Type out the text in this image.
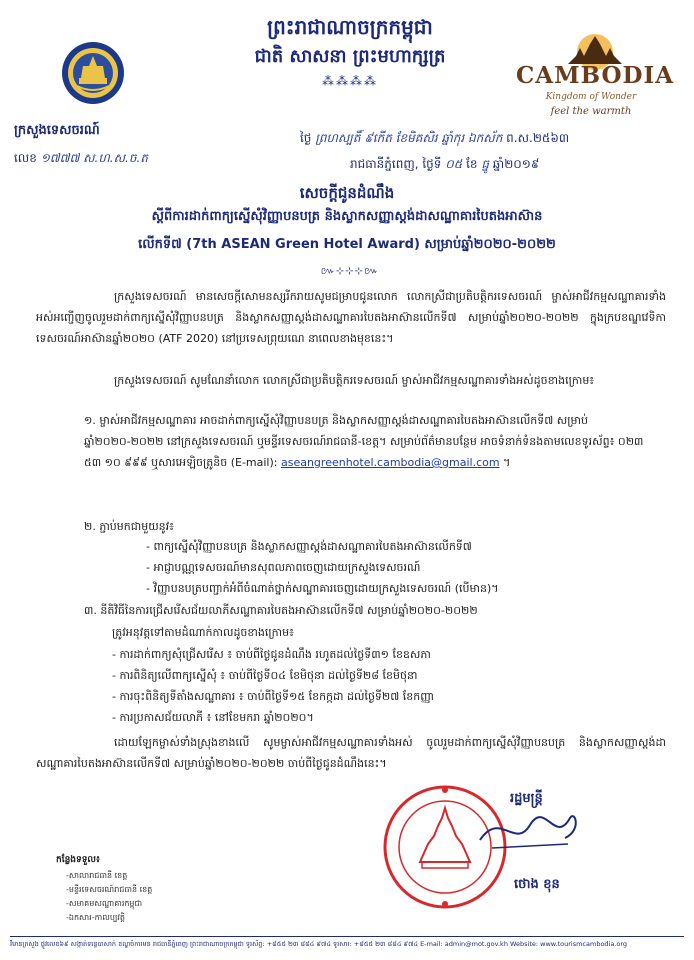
ព្រះរាជាណាចក្រកម្ពុជា
ជាតិ សាសនា ព្រះមហាក្សត្រ
⁂⁂⁂⁂
ក្រសួងទេសចរណ៍
លេខ ១៧៧៧ ស.ហ.ស.ច.ត
CAMBODIA
Kingdom of Wonder
feel the warmth
ថ្ងៃ ព្រហស្បតិ៍ ៩កើត ខែមិគសិរ ឆ្នាំកុរ ឯកស័ក ព.ស.២៥៦៣
រាជធានីភ្នំពេញ, ថ្ងៃទី ០៥ ខែ ធ្នូ ឆ្នាំ២០១៩
សេចក្តីជូនដំណឹង
ស្តីពីការដាក់ពាក្យស្នើសុំវិញ្ញាបនបត្រ និងស្លាកសញ្ញាស្តង់ដាសណ្ឋាគារបៃតងអាស៊ាន
លើកទី៧ (7th ASEAN Green Hotel Award) សម្រាប់ឆ្នាំ២០២០-២០២២
៚⊹⊹⊹៚
ក្រសួងទេសចរណ៍ មានសេចក្តីសោមនស្សរីករាយសូមជម្រាបជូនលោក លោកស្រីជាប្រតិបត្តិករទេសចរណ៍ ម្ចាស់អាជីវកម្មសណ្ឋាគារទាំងអស់អញ្ជើញចូលរួមដាក់ពាក្យស្នើសុំវិញ្ញាបនបត្រ និងស្លាកសញ្ញាស្តង់ដាសណ្ឋាគារបៃតងអាស៊ានលើកទី៧ សម្រាប់ឆ្នាំ២០២០-២០២២ ក្នុងក្របខណ្ឌវេទិកាទេសចរណ៍អាស៊ានឆ្នាំ២០២០ (ATF 2020) នៅប្រទេសព្រុយណេ នាពេលខាងមុខនេះ។
ក្រសួងទេសចរណ៍ សូមណែនាំលោក លោកស្រីជាប្រតិបត្តិករទេសចរណ៍ ម្ចាស់អាជីវកម្មសណ្ឋាគារទាំងអស់ដូចខាងក្រោម៖
១. ម្ចាស់អាជីវកម្មសណ្ឋាគារ អាចដាក់ពាក្យស្នើសុំវិញ្ញាបនបត្រ និងស្លាកសញ្ញាស្តង់ដាសណ្ឋាគារបៃតងអាស៊ានលើកទី៧ សម្រាប់ឆ្នាំ២០២០-២០២២ នៅក្រសួងទេសចរណ៍ ឬមន្ទីរទេសចរណ៍រាជធានី-ខេត្ត។ សម្រាប់ព័ត៌មានបន្ថែម អាចទំនាក់ទំនងតាមលេខទូរស័ព្ទ៖ ០២៣ ៥៣ ១០ ៩៩៩ ឬសារអេឡិចត្រូនិច (E-mail): aseangreenhotel.cambodia@gmail.com ។
២. ភ្ជាប់មកជាមួយនូវ៖
- ពាក្យស្នើសុំវិញ្ញាបនបត្រ និងស្លាកសញ្ញាស្តង់ដាសណ្ឋាគារបៃតងអាស៊ានលើកទី៧
- អាជ្ញាបណ្ណទេសចរណ៍មានសុពលភាពចេញដោយក្រសួងទេសចរណ៍
- វិញ្ញាបនបត្របញ្ជាក់អំពីចំណាត់ថ្នាក់សណ្ឋាគារចេញដោយក្រសួងទេសចរណ៍ (បើមាន)។
៣. នីតិវិធីនៃការជ្រើសរើសជ័យលាភីសណ្ឋាគារបៃតងអាស៊ានលើកទី៧ សម្រាប់ឆ្នាំ២០២០-២០២២
ត្រូវអនុវត្តទៅតាមដំណាក់កាលដូចខាងក្រោម៖
- ការដាក់ពាក្យសុំជ្រើសរើស ៖ ចាប់ពីថ្ងៃជូនដំណឹង រហូតដល់ថ្ងៃទី៣១ ខែឧសភា
- ការពិនិត្យលើពាក្យស្នើសុំ ៖ ចាប់ពីថ្ងៃទី០៤ ខែមិថុនា ដល់ថ្ងៃទី២៨ ខែមិថុនា
- ការចុះពិនិត្យទីតាំងសណ្ឋាគារ ៖ ចាប់ពីថ្ងៃទី១៥ ខែកក្កដា ដល់ថ្ងៃទី២៧ ខែកញ្ញា
- ការប្រកាសជ័យលាភី ៖ នៅខែមករា ឆ្នាំ២០២០។
ដោយឡែកម្ចាស់ទាំងស្រុងខាងលើ សូមម្ចាស់អាជីវកម្មសណ្ឋាគារទាំងអស់ ចូលរួមដាក់ពាក្យស្នើសុំវិញ្ញាបនបត្រ និងស្លាកសញ្ញាស្តង់ដាសណ្ឋាគារបៃតងអាស៊ានលើកទី៧ សម្រាប់ឆ្នាំ២០២០-២០២២ ចាប់ពីថ្ងៃជូនដំណឹងនេះ។
រដ្ឋមន្ត្រី
ថោង ខុន
កន្លែងទទួល៖
-សាលារាជធានី ខេត្ត
-មន្ទីរទេសចរណ៍រាជធានី ខេត្ត
-សមាគមសណ្ឋាគារកម្ពុជា
-ឯកសារ-កាលប្បវត្តិ
វិមានក្រសួង ផ្លូវលេខ៦៩ សង្កាត់ទន្លេបាសាក់ ខណ្ឌចំការមន រាជធានីភ្នំពេញ ព្រះរាជាណាចក្រកម្ពុជា ទូរស័ព្ទ: +៨៥៥ ២៣ ៨៨៤ ៩៧៤ ទូរសារ: +៨៥៥ ២៣ ៨៨៤ ៩៧៤ E-mail: admin@mot.gov.kh Website: www.tourismcambodia.org
